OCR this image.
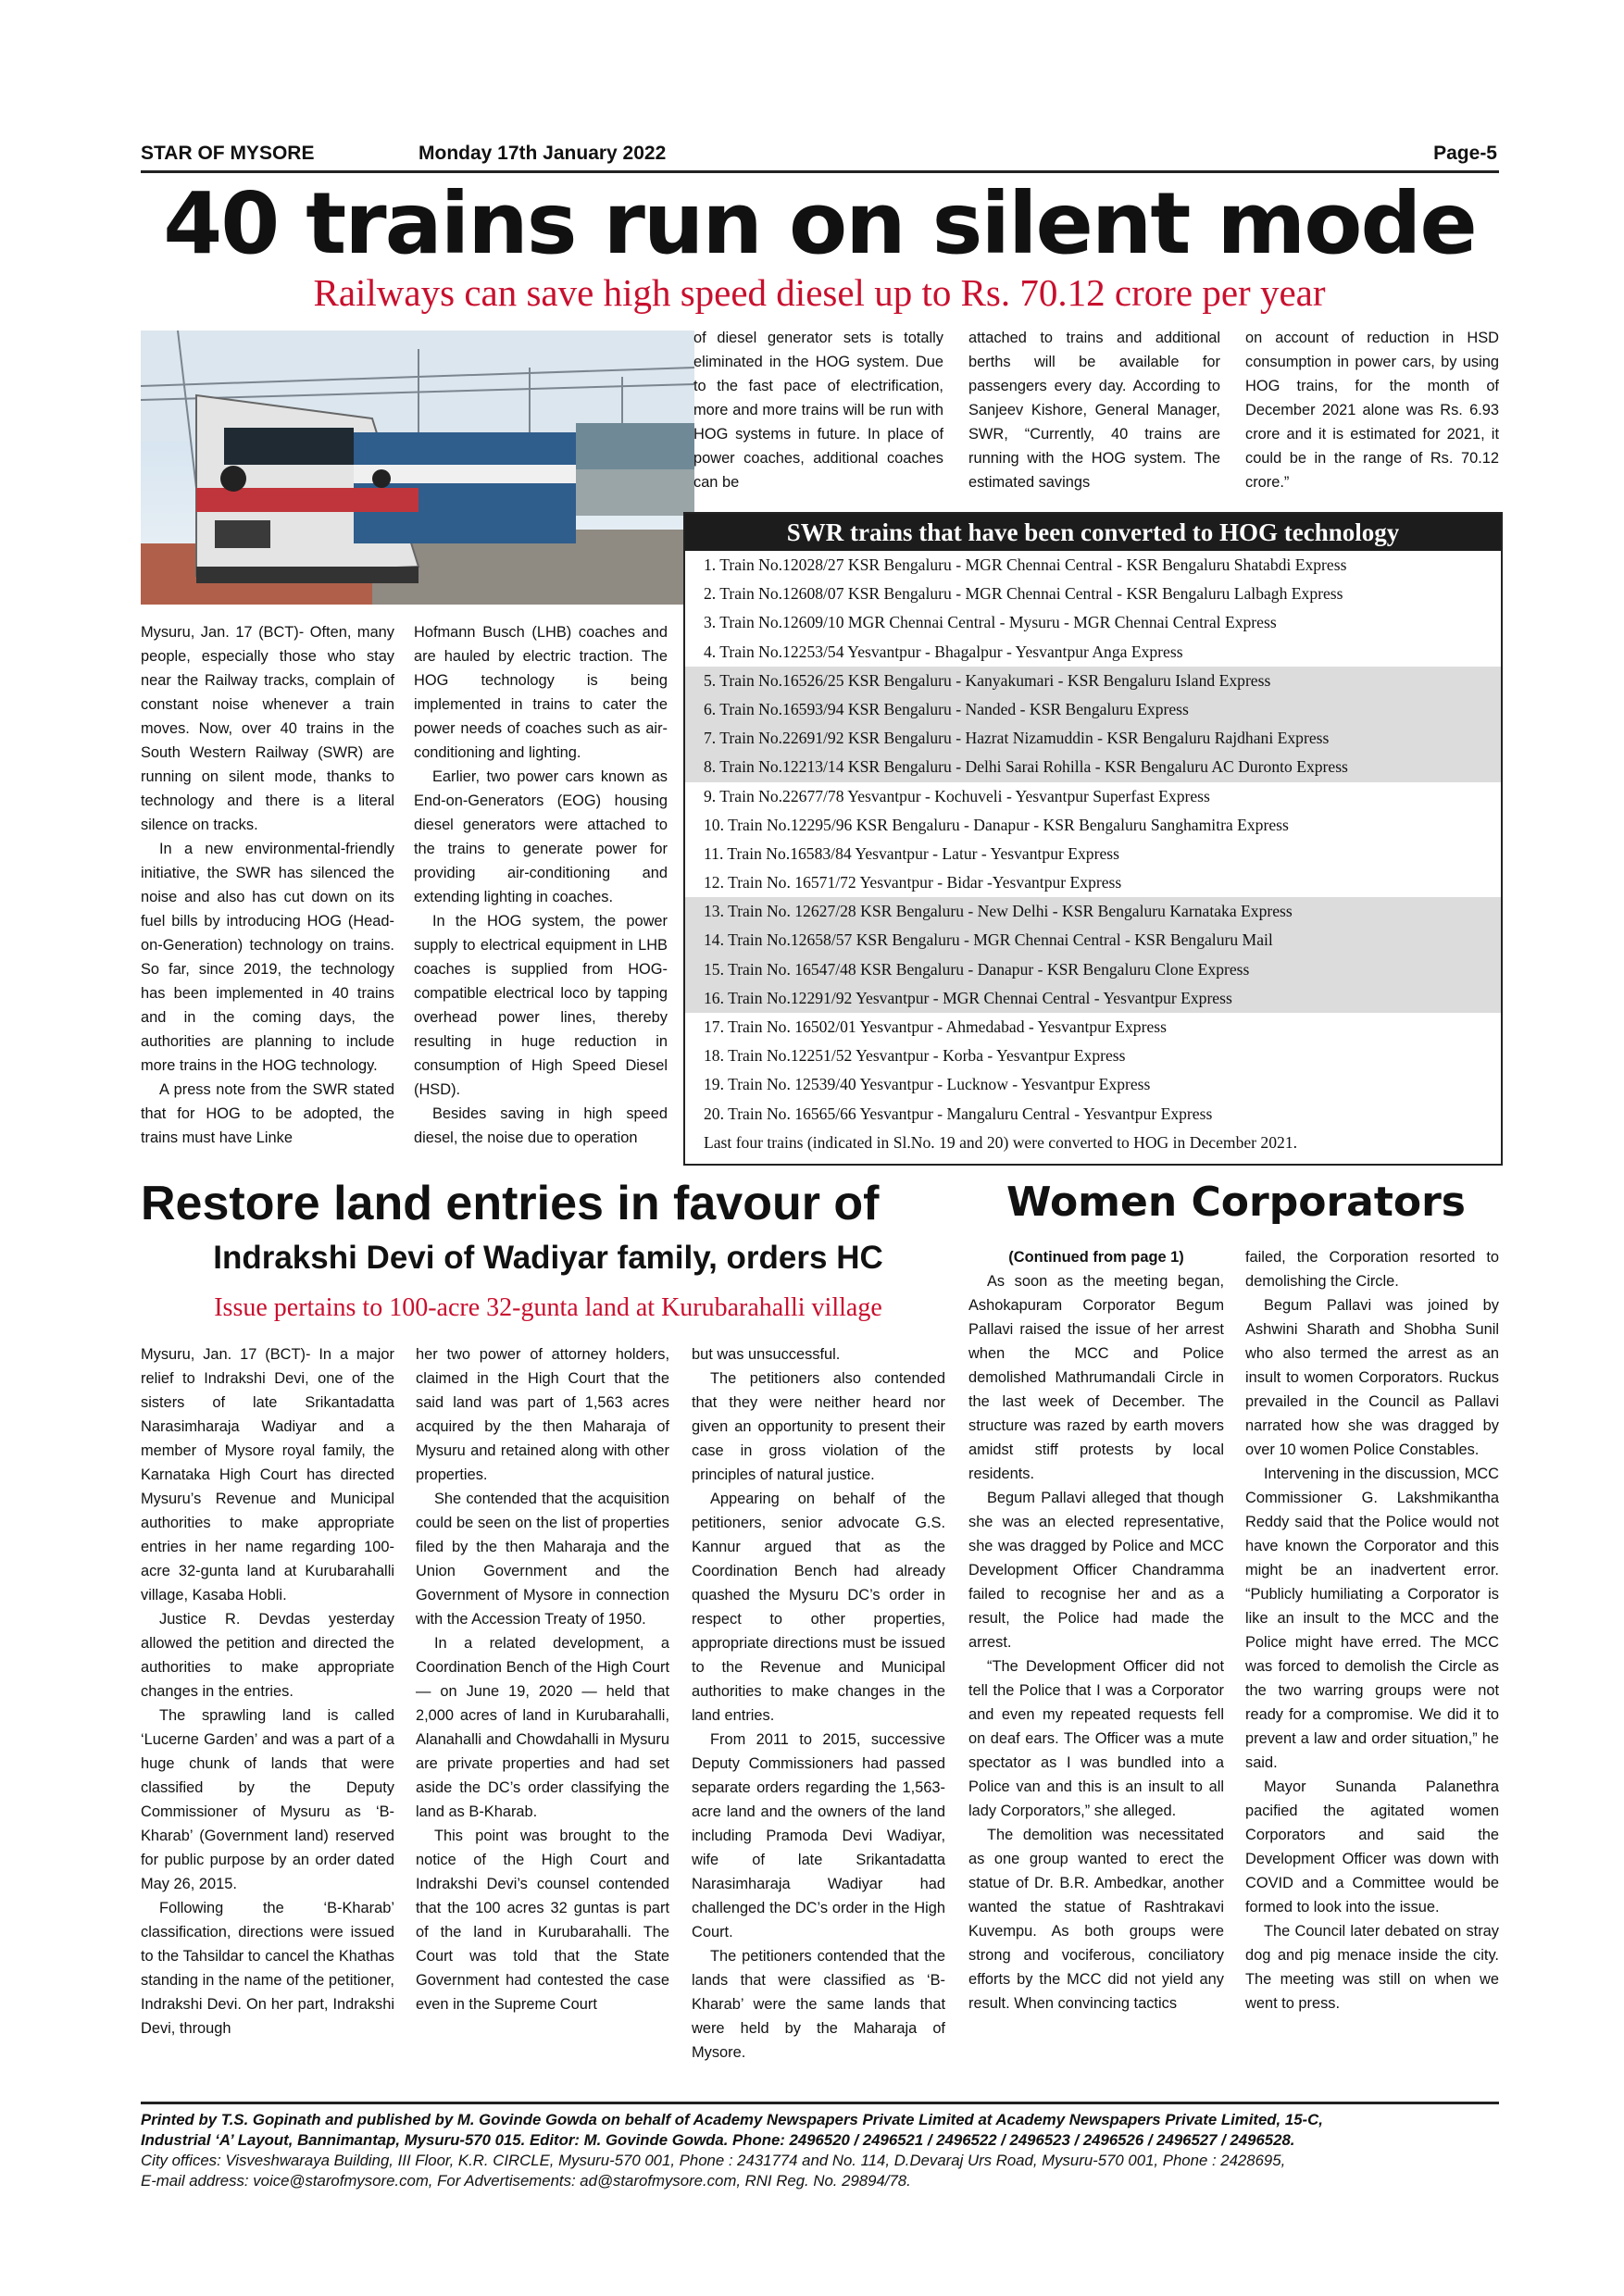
STAR OF MYSORE	Monday 17th January 2022	Page-5
40 trains run on silent mode
Railways can save high speed diesel up to Rs. 70.12 crore per year

Mysuru, Jan. 17 (BCT)- Often, many people, especially those who stay near the Railway tracks, complain of constant noise whenever a train moves. Now, over 40 trains in the South Western Railway (SWR) are running on silent mode, thanks to technology and there is a literal silence on tracks.

In a new environmental-friendly initiative, the SWR has silenced the noise and also has cut down on its fuel bills by introducing HOG (Head-on-Generation) technology on trains. So far, since 2019, the technology has been implemented in 40 trains and in the coming days, the authorities are planning to include more trains in the HOG technology.

A press note from the SWR stated that for HOG to be adopted, the trains must have Linke

Hofmann Busch (LHB) coaches and are hauled by electric traction. The HOG technology is being implemented in trains to cater the power needs of coaches such as air-conditioning and lighting.

Earlier, two power cars known as End-on-Generators (EOG) housing diesel generators were attached to the trains to generate power for providing air-conditioning and extending lighting in coaches.

In the HOG system, the power supply to electrical equipment in LHB coaches is supplied from HOG-compatible electrical loco by tapping overhead power lines, thereby resulting in huge reduction in consumption of High Speed Diesel (HSD).

Besides saving in high speed diesel, the noise due to operation

of diesel generator sets is totally eliminated in the HOG system. Due to the fast pace of electrification, more and more trains will be run with HOG systems in future. In place of power coaches, additional coaches can be

attached to trains and additional berths will be available for passengers every day. According to Sanjeev Kishore, General Manager, SWR, “Currently, 40 trains are running with the HOG system. The estimated savings

on account of reduction in HSD consumption in power cars, by using HOG trains, for the month of December 2021 alone was Rs. 6.93 crore and it is estimated for 2021, it could be in the range of Rs. 70.12 crore.”

SWR trains that have been converted to HOG technology
1. Train No.12028/27 KSR Bengaluru - MGR Chennai Central - KSR Bengaluru Shatabdi Express
2. Train No.12608/07 KSR Bengaluru - MGR Chennai Central - KSR Bengaluru Lalbagh Express
3. Train No.12609/10 MGR Chennai Central - Mysuru - MGR Chennai Central Express
4. Train No.12253/54 Yesvantpur - Bhagalpur - Yesvantpur Anga Express
5. Train No.16526/25 KSR Bengaluru - Kanyakumari - KSR Bengaluru Island Express
6. Train No.16593/94 KSR Bengaluru - Nanded - KSR Bengaluru Express
7. Train No.22691/92 KSR Bengaluru - Hazrat Nizamuddin - KSR Bengaluru Rajdhani Express
8. Train No.12213/14 KSR Bengaluru - Delhi Sarai Rohilla - KSR Bengaluru AC Duronto Express
9. Train No.22677/78 Yesvantpur - Kochuveli - Yesvantpur Superfast Express
10. Train No.12295/96 KSR Bengaluru - Danapur - KSR Bengaluru Sanghamitra Express
11. Train No.16583/84 Yesvantpur - Latur - Yesvantpur Express
12. Train No. 16571/72 Yesvantpur - Bidar -Yesvantpur Express
13. Train No. 12627/28 KSR Bengaluru - New Delhi - KSR Bengaluru Karnataka Express
14. Train No.12658/57 KSR Bengaluru - MGR Chennai Central - KSR Bengaluru Mail
15. Train No. 16547/48 KSR Bengaluru - Danapur - KSR Bengaluru Clone Express
16. Train No.12291/92 Yesvantpur - MGR Chennai Central - Yesvantpur Express
17. Train No. 16502/01 Yesvantpur - Ahmedabad - Yesvantpur Express
18. Train No.12251/52 Yesvantpur - Korba - Yesvantpur Express
19. Train No. 12539/40 Yesvantpur - Lucknow - Yesvantpur Express
20. Train No. 16565/66 Yesvantpur - Mangaluru Central - Yesvantpur Express
Last four trains (indicated in Sl.No. 19 and 20) were converted to HOG in December 2021.
Restore land entries in favour of
Indrakshi Devi of Wadiyar family, orders HC
Issue pertains to 100-acre 32-gunta land at Kurubarahalli village

Mysuru, Jan. 17 (BCT)- In a major relief to Indrakshi Devi, one of the sisters of late Srikantadatta Narasimharaja Wadiyar and a member of Mysore royal family, the Karnataka High Court has directed Mysuru’s Revenue and Municipal authorities to make appropriate entries in her name regarding 100-acre 32-gunta land at Kurubarahalli village, Kasaba Hobli.

Justice R. Devdas yesterday allowed the petition and directed the authorities to make appropriate changes in the entries.

The sprawling land is called ‘Lucerne Garden’ and was a part of a huge chunk of lands that were classified by the Deputy Commissioner of Mysuru as ‘B-Kharab’ (Government land) reserved for public purpose by an order dated May 26, 2015.

Following the ‘B-Kharab’ classification, directions were issued to the Tahsildar to cancel the Khathas standing in the name of the petitioner, Indrakshi Devi. On her part, Indrakshi Devi, through

her two power of attorney holders, claimed in the High Court that the said land was part of 1,563 acres acquired by the then Maharaja of Mysuru and retained along with other properties.

She contended that the acquisition could be seen on the list of properties filed by the then Maharaja and the Union Government and the Government of Mysore in connection with the Accession Treaty of 1950.

In a related development, a Coordination Bench of the High Court — on June 19, 2020 — held that 2,000 acres of land in Kurubarahalli, Alanahalli and Chowdahalli in Mysuru are private properties and had set aside the DC’s order classifying the land as B-Kharab.

This point was brought to the notice of the High Court and Indrakshi Devi’s counsel contended that the 100 acres 32 guntas is part of the land in Kurubarahalli. The Court was told that the State Government had contested the case even in the Supreme Court

but was unsuccessful.

The petitioners also contended that they were neither heard nor given an opportunity to present their case in gross violation of the principles of natural justice.

Appearing on behalf of the petitioners, senior advocate G.S. Kannur argued that as the Coordination Bench had already quashed the Mysuru DC’s order in respect to other properties, appropriate directions must be issued to the Revenue and Municipal authorities to make changes in the land entries.

From 2011 to 2015, successive Deputy Commissioners had passed separate orders regarding the 1,563-acre land and the owners of the land including Pramoda Devi Wadiyar, wife of late Srikantadatta Narasimharaja Wadiyar had challenged the DC’s order in the High Court.

The petitioners contended that the lands that were classified as ‘B-Kharab’ were the same lands that were held by the Maharaja of Mysore.

Women Corporators

(Continued from page 1)

As soon as the meeting began, Ashokapuram Corporator Begum Pallavi raised the issue of her arrest when the MCC and Police demolished Mathrumandali Circle in the last week of December. The structure was razed by earth movers amidst stiff protests by local residents.

Begum Pallavi alleged that though she was an elected representative, she was dragged by Police and MCC Development Officer Chandramma failed to recognise her and as a result, the Police had made the arrest.

“The Development Officer did not tell the Police that I was a Corporator and even my repeated requests fell on deaf ears. The Officer was a mute spectator as I was bundled into a Police van and this is an insult to all lady Corporators,” she alleged.

The demolition was necessitated as one group wanted to erect the statue of Dr. B.R. Ambedkar, another wanted the statue of Rashtrakavi Kuvempu. As both groups were strong and vociferous, conciliatory efforts by the MCC did not yield any result. When convincing tactics

failed, the Corporation resorted to demolishing the Circle.

Begum Pallavi was joined by Ashwini Sharath and Shobha Sunil who also termed the arrest as an insult to women Corporators. Ruckus prevailed in the Council as Pallavi narrated how she was dragged by over 10 women Police Constables.

Intervening in the discussion, MCC Commissioner G. Lakshmikantha Reddy said that the Police would not have known the Corporator and this might be an inadvertent error. “Publicly humiliating a Corporator is like an insult to the MCC and the Police might have erred. The MCC was forced to demolish the Circle as the two warring groups were not ready for a compromise. We did it to prevent a law and order situation,” he said.

Mayor Sunanda Palanethra pacified the agitated women Corporators and said the Development Officer was down with COVID and a Committee would be formed to look into the issue.

The Council later debated on stray dog and pig menace inside the city. The meeting was still on when we went to press.

Printed by T.S. Gopinath and published by M. Govinde Gowda on behalf of Academy Newspapers Private Limited at Academy Newspapers Private Limited, 15-C,
Industrial ‘A’ Layout, Bannimantap, Mysuru-570 015. Editor: M. Govinde Gowda. Phone: 2496520 / 2496521 / 2496522 / 2496523 / 2496526 / 2496527 / 2496528.
City offices: Visveshwaraya Building, III Floor, K.R. CIRCLE, Mysuru-570 001, Phone : 2431774 and No. 114, D.Devaraj Urs Road, Mysuru-570 001, Phone : 2428695,
E-mail address: voice@starofmysore.com, For Advertisements: ad@starofmysore.com, RNI Reg. No. 29894/78.
